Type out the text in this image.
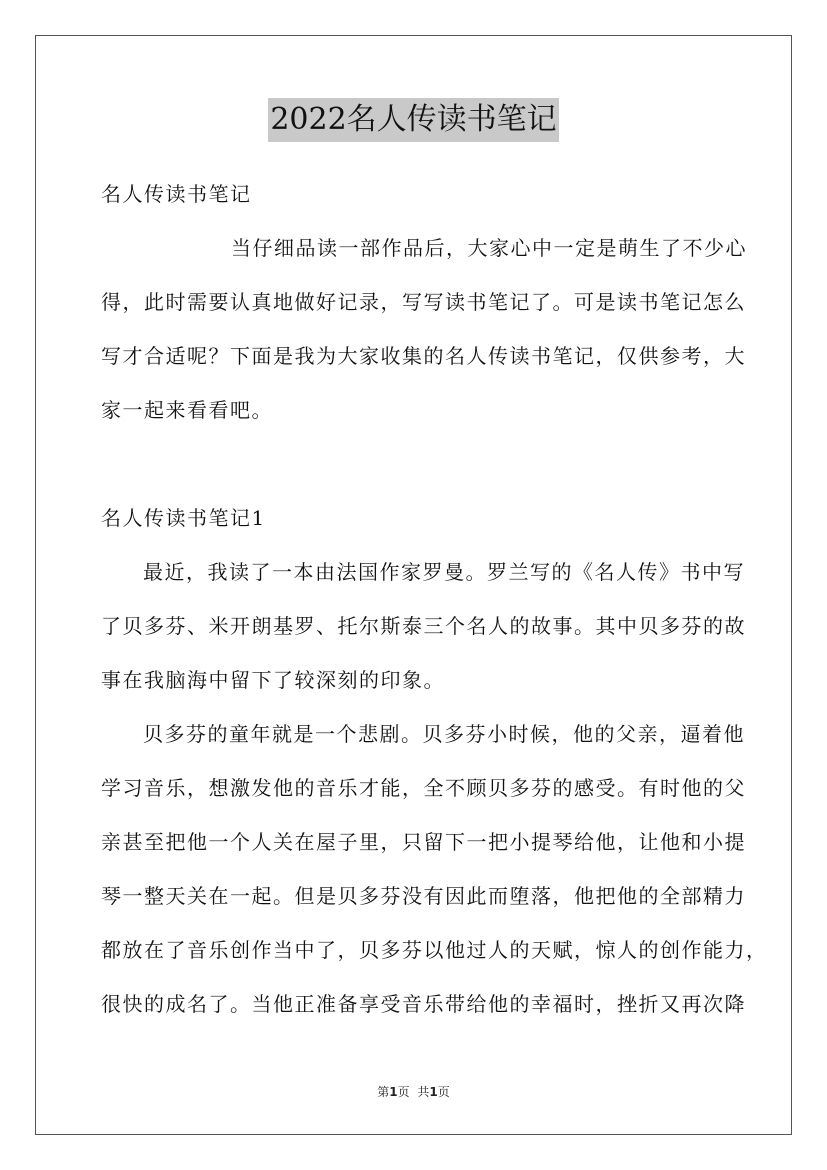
2022名人传读书笔记
名人传读书笔记
当仔细品读一部作品后，大家心中一定是萌生了不少心
得，此时需要认真地做好记录，写写读书笔记了。可是读书笔记怎么
写才合适呢？下面是我为大家收集的名人传读书笔记，仅供参考，大
家一起来看看吧。
名人传读书笔记1
最近，我读了一本由法国作家罗曼。罗兰写的《名人传》书中写
了贝多芬、米开朗基罗、托尔斯泰三个名人的故事。其中贝多芬的故
事在我脑海中留下了较深刻的印象。
贝多芬的童年就是一个悲剧。贝多芬小时候，他的父亲，逼着他
学习音乐，想激发他的音乐才能，全不顾贝多芬的感受。有时他的父
亲甚至把他一个人关在屋子里，只留下一把小提琴给他，让他和小提
琴一整天关在一起。但是贝多芬没有因此而堕落，他把他的全部精力
都放在了音乐创作当中了，贝多芬以他过人的天赋，惊人的创作能力，
很快的成名了。当他正准备享受音乐带给他的幸福时，挫折又再次降
第1页 共1页
